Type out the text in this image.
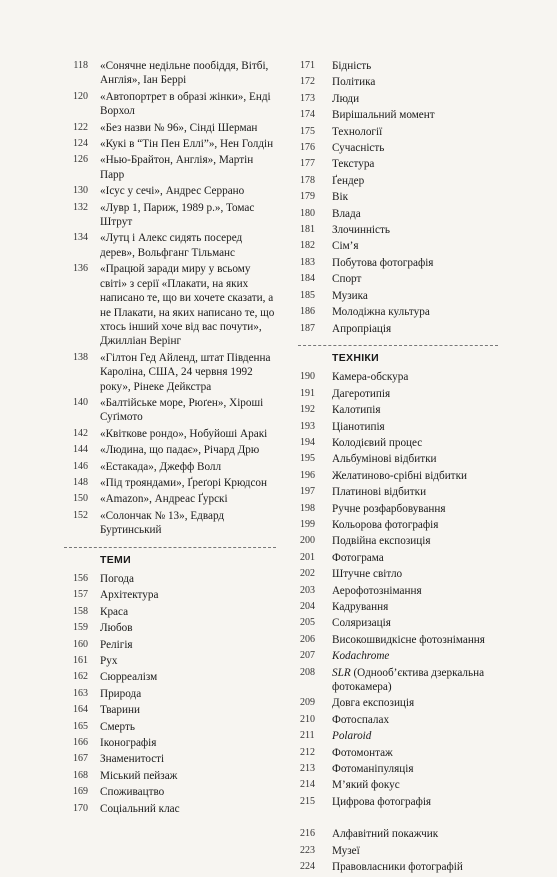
118	«Сонячне недільне пообіддя, Вітбі, Англія», Іан Беррі
120	«Автопортрет в образі жінки», Енді Ворхол
122	«Без назви № 96», Сінді Шерман
124	«Кукі в “Тін Пен Еллі”», Нен Голдін
126	«Нью-Брайтон, Англія», Мартін Парр
130	«Ісус у сечі», Андрес Серрано
132	«Лувр 1, Париж, 1989 р.», Томас Штрут
134	«Лутц і Алекс сидять посеред дерев», Вольфганг Тільманс
136	«Працюй заради миру у всьому світі» з серії «Плакати, на яких написано те, що ви хочете сказати, а не Плакати, на яких написано те, що хтось інший хоче від вас почути», Джилліан Верінг
138	«Гілтон Гед Айленд, штат Південна Кароліна, США, 24 червня 1992 року», Рінеке Дейкстра
140	«Балтійське море, Рюґен», Хіроші Суґімото
142	«Квіткове рондо», Нобуйоші Аракі
144	«Людина, що падає», Річард Дрю
146	«Естакада», Джефф Волл
148	«Під трояндами», Ґреґорі Крюдсон
150	«Amazon», Андреас Ґурскі
152	«Солончак № 13», Едвард Буртинський
ТЕМИ
156	Погода
157	Архітектура
158	Краса
159	Любов
160	Релігія
161	Рух
162	Сюрреалізм
163	Природа
164	Тварини
165	Смерть
166	Іконографія
167	Знаменитості
168	Міський пейзаж
169	Споживацтво
170	Соціальний клас
171	Бідність
172	Політика
173	Люди
174	Вирішальний момент
175	Технології
176	Сучасність
177	Текстура
178	Ґендер
179	Вік
180	Влада
181	Злочинність
182	Сім’я
183	Побутова фотографія
184	Спорт
185	Музика
186	Молодіжна культура
187	Апропріація
ТЕХНІКИ
190	Камера-обскура
191	Дагеротипія
192	Калотипія
193	Ціанотипія
194	Колодієвий процес
195	Альбумінові відбитки
196	Желатиново-срібні відбитки
197	Платинові відбитки
198	Ручне розфарбовування
199	Кольорова фотографія
200	Подвійна експозиція
201	Фотограма
202	Штучне світло
203	Аерофотознімання
204	Кадрування
205	Соляризація
206	Високошвидкісне фотознімання
207	Kodachrome
208	SLR (Однооб’єктива дзеркальна фотокамера)
209	Довга експозиція
210	Фотоспалах
211	Polaroid
212	Фотомонтаж
213	Фотоманіпуляція
214	М’який фокус
215	Цифрова фотографія
216	Алфавітний покажчик
223	Музеї
224	Правовласники фотографій
